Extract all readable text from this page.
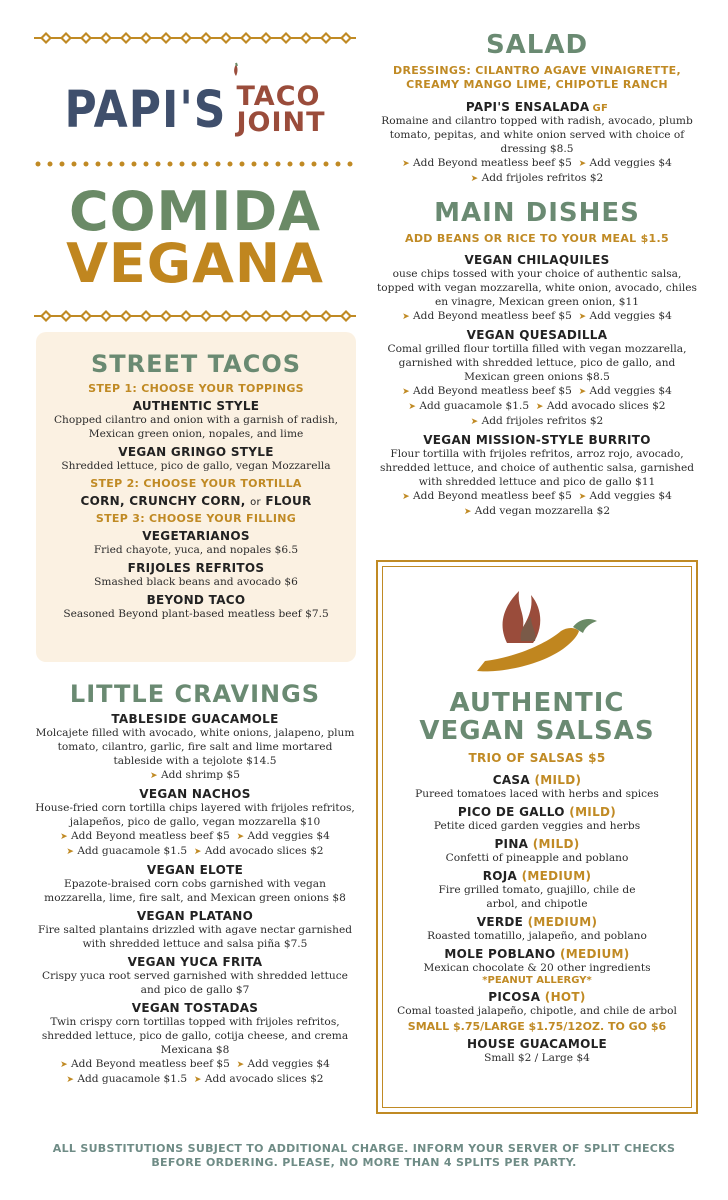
PAPI'S TACO
JOINT
COMIDA
VEGANA
STREET TACOS
STEP 1: CHOOSE YOUR TOPPINGS
AUTHENTIC STYLE
Chopped cilantro and onion with a garnish of radish, Mexican green onion, nopales, and lime
VEGAN GRINGO STYLE
Shredded lettuce, pico de gallo, vegan Mozzarella
STEP 2: CHOOSE YOUR TORTILLA
CORN, CRUNCHY CORN, or FLOUR
STEP 3: CHOOSE YOUR FILLING
VEGETARIANOS
Fried chayote, yuca, and nopales $6.5
FRIJOLES REFRITOS
Smashed black beans and avocado $6
BEYOND TACO
Seasoned Beyond plant-based meatless beef $7.5
LITTLE CRAVINGS
TABLESIDE GUACAMOLE
Molcajete filled with avocado, white onions, jalapeno, plum tomato, cilantro, garlic, fire salt and lime mortared tableside with a tejolote $14.5
➤ Add shrimp $5
VEGAN NACHOS
House-fried corn tortilla chips layered with frijoles refritos, jalapeños, pico de gallo, vegan mozzarella $10
➤ Add Beyond meatless beef $5 ➤ Add veggies $4
➤ Add guacamole $1.5 ➤ Add avocado slices $2
VEGAN ELOTE
Epazote-braised corn cobs garnished with vegan mozzarella, lime, fire salt, and Mexican green onions $8
VEGAN PLATANO
Fire salted plantains drizzled with agave nectar garnished with shredded lettuce and salsa piña $7.5
VEGAN YUCA FRITA
Crispy yuca root served garnished with shredded lettuce and pico de gallo $7
VEGAN TOSTADAS
Twin crispy corn tortillas topped with frijoles refritos, shredded lettuce, pico de gallo, cotija cheese, and crema Mexicana $8
➤ Add Beyond meatless beef $5 ➤ Add veggies $4
➤ Add guacamole $1.5 ➤ Add avocado slices $2
SALAD
DRESSINGS: CILANTRO AGAVE VINAIGRETTE, CREAMY MANGO LIME, CHIPOTLE RANCH
PAPI'S ENSALADA GF
Romaine and cilantro topped with radish, avocado, plumb tomato, pepitas, and white onion served with choice of dressing $8.5
➤ Add Beyond meatless beef $5 ➤ Add veggies $4
➤ Add frijoles refritos $2
MAIN DISHES
ADD BEANS OR RICE TO YOUR MEAL $1.5
VEGAN CHILAQUILES
ouse chips tossed with your choice of authentic salsa, topped with vegan mozzarella, white onion, avocado, chiles en vinagre, Mexican green onion, $11
➤ Add Beyond meatless beef $5 ➤ Add veggies $4
VEGAN QUESADILLA
Comal grilled flour tortilla filled with vegan mozzarella, garnished with shredded lettuce, pico de gallo, and Mexican green onions $8.5
➤ Add Beyond meatless beef $5 ➤ Add veggies $4
➤ Add guacamole $1.5 ➤ Add avocado slices $2
➤ Add frijoles refritos $2
VEGAN MISSION-STYLE BURRITO
Flour tortilla with frijoles refritos, arroz rojo, avocado, shredded lettuce, and choice of authentic salsa, garnished with shredded lettuce and pico de gallo $11
➤ Add Beyond meatless beef $5 ➤ Add veggies $4
➤ Add vegan mozzarella $2
AUTHENTIC
VEGAN SALSAS
TRIO OF SALSAS $5
CASA (MILD)
Pureed tomatoes laced with herbs and spices
PICO DE GALLO (MILD)
Petite diced garden veggies and herbs
PINA (MILD)
Confetti of pineapple and poblano
ROJA (MEDIUM)
Fire grilled tomato, guajillo, chile de arbol, and chipotle
VERDE (MEDIUM)
Roasted tomatillo, jalapeño, and poblano
MOLE POBLANO (MEDIUM)
Mexican chocolate & 20 other ingredients
*PEANUT ALLERGY*
PICOSA (HOT)
Comal toasted jalapeño, chipotle, and chile de arbol
SMALL $.75/LARGE $1.75/12OZ. TO GO $6
HOUSE GUACAMOLE
Small $2 / Large $4
ALL SUBSTITUTIONS SUBJECT TO ADDITIONAL CHARGE. INFORM YOUR SERVER OF SPLIT CHECKS
BEFORE ORDERING. PLEASE, NO MORE THAN 4 SPLITS PER PARTY.
